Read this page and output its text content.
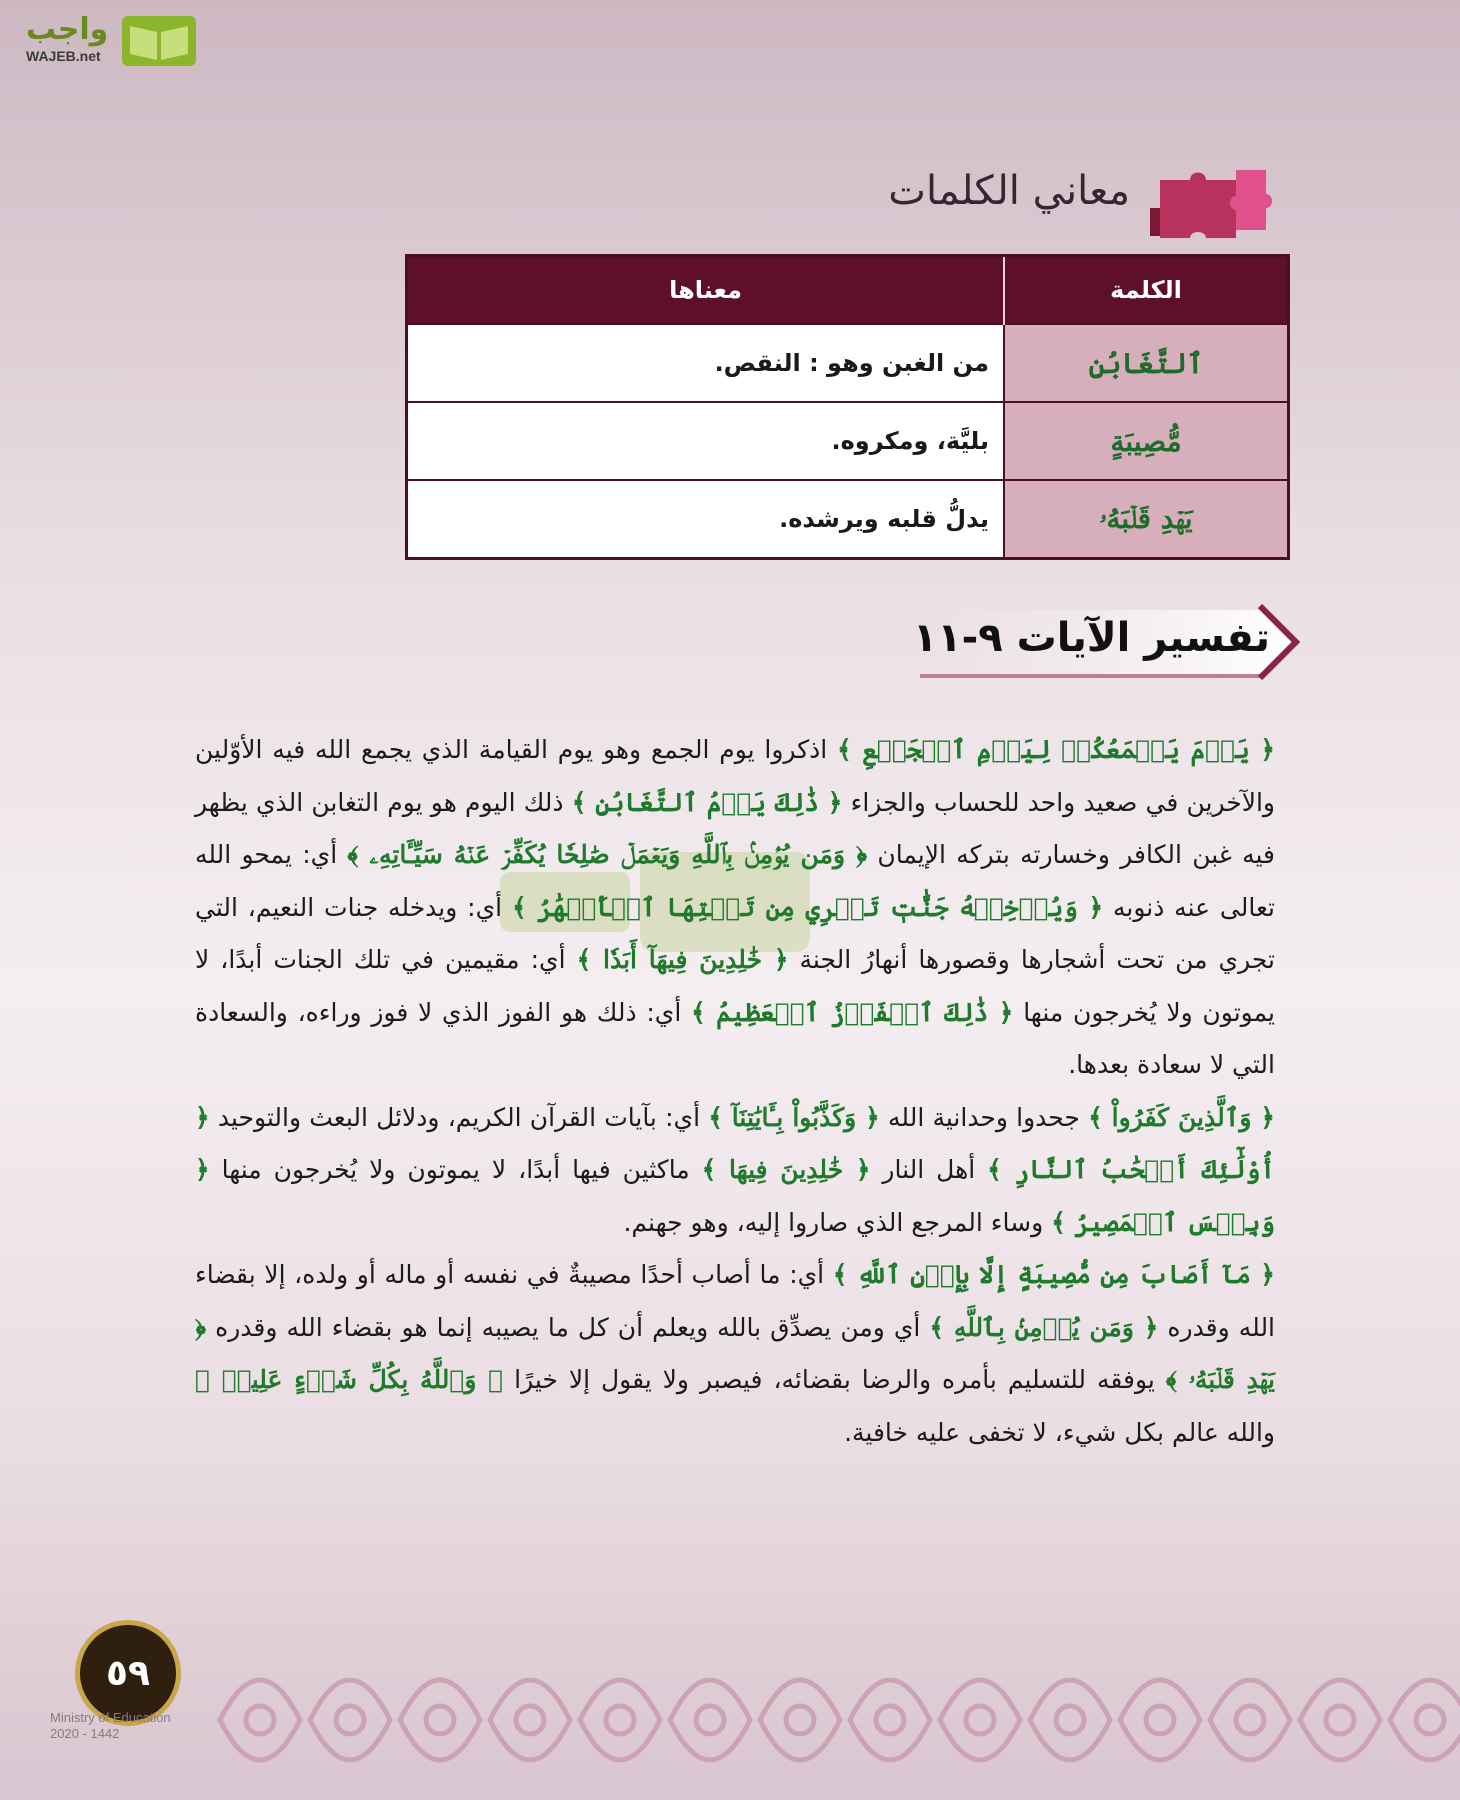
واجب
WAJEB.net
معاني الكلمات
الكلمة	معناها
ٱلتَّغَابُنِ	من الغبن وهو : النقص.
مُّصِيبَةٍ	بليَّة، ومكروه.
يَهۡدِ قَلۡبَهُۥ	يدلُّ قلبه ويرشده.
تفسير الآيات ٩-١١

﴿ يَوۡمَ يَجۡمَعُكُمۡ لِيَوۡمِ ٱلۡجَمۡعِ ﴾ اذكروا يوم الجمع وهو يوم القيامة الذي يجمع الله فيه الأوّلين والآخرين في صعيد واحد للحساب والجزاء ﴿ ذَٰلِكَ يَوۡمُ ٱلتَّغَابُنِ ﴾ ذلك اليوم هو يوم التغابن الذي يظهر فيه غبن الكافر وخسارته بتركه الإيمان ﴿ وَمَن يُؤۡمِنۢ بِٱللَّهِ وَيَعۡمَلۡ صَٰلِحٗا يُكَفِّرۡ عَنۡهُ سَيِّـَٔاتِهِۦ ﴾ أي: يمحو الله تعالى عنه ذنوبه ﴿ وَيُدۡخِلۡهُ جَنَّٰتٖ تَجۡرِي مِن تَحۡتِهَا ٱلۡأَنۡهَٰرُ ﴾ أي: ويدخله جنات النعيم، التي تجري من تحت أشجارها وقصورها أنهارُ الجنة ﴿ خَٰلِدِينَ فِيهَآ أَبَدٗا ﴾ أي: مقيمين في تلك الجنات أبدًا، لا يموتون ولا يُخرجون منها ﴿ ذَٰلِكَ ٱلۡفَوۡزُ ٱلۡعَظِيمُ ﴾ أي: ذلك هو الفوز الذي لا فوز وراءه، والسعادة التي لا سعادة بعدها.

﴿ وَٱلَّذِينَ كَفَرُواْ ﴾ جحدوا وحدانية الله ﴿ وَكَذَّبُواْ بِـَٔايَٰتِنَآ ﴾ أي: بآيات القرآن الكريم، ودلائل البعث والتوحيد ﴿ أُوْلَٰٓئِكَ أَصۡحَٰبُ ٱلنَّارِ ﴾ أهل النار ﴿ خَٰلِدِينَ فِيهَا ﴾ ماكثين فيها أبدًا، لا يموتون ولا يُخرجون منها ﴿ وَبِئۡسَ ٱلۡمَصِيرُ ﴾ وساء المرجع الذي صاروا إليه، وهو جهنم.

﴿ مَآ أَصَابَ مِن مُّصِيبَةٍ إِلَّا بِإِذۡنِ ٱللَّهِ ﴾ أي: ما أصاب أحدًا مصيبةٌ في نفسه أو ماله أو ولده، إلا بقضاء الله وقدره ﴿ وَمَن يُؤۡمِنۢ بِٱللَّهِ ﴾ أي ومن يصدِّق بالله ويعلم أن كل ما يصيبه إنما هو بقضاء الله وقدره ﴿ يَهۡدِ قَلۡبَهُۥ ﴾ يوفقه للتسليم بأمره والرضا بقضائه، فيصبر ولا يقول إلا خيرًا ﴿ وَٱللَّهُ بِكُلِّ شَيۡءٍ عَلِيمٞ ﴾ والله عالم بكل شيء، لا تخفى عليه خافية.

٥٩
Ministry of Education
2020 - 1442
